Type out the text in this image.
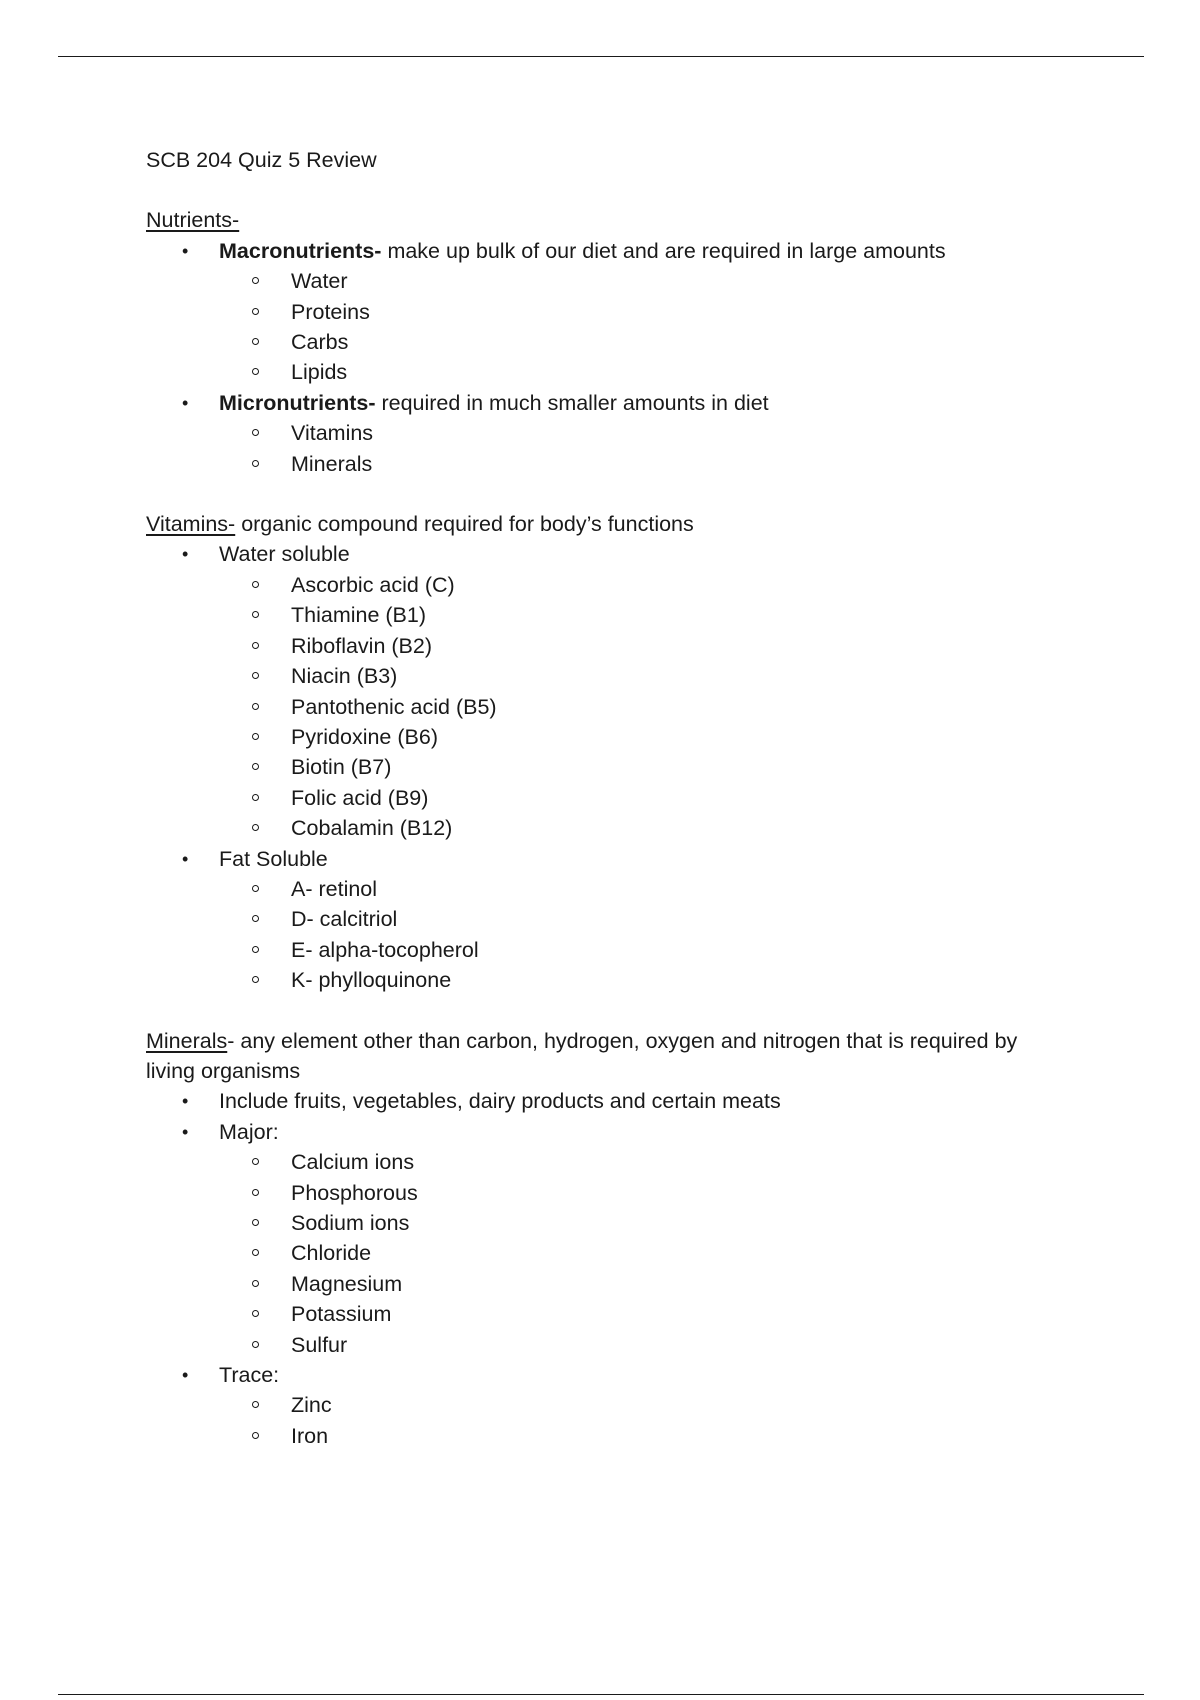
SCB 204 Quiz 5 Review
Nutrients-
• Macronutrients- make up bulk of our diet and are required in large amounts
Water
Proteins
Carbs
Lipids
• Micronutrients- required in much smaller amounts in diet
Vitamins
Minerals
Vitamins- organic compound required for body’s functions
• Water soluble
Ascorbic acid (C)
Thiamine (B1)
Riboflavin (B2)
Niacin (B3)
Pantothenic acid (B5)
Pyridoxine (B6)
Biotin (B7)
Folic acid (B9)
Cobalamin (B12)
• Fat Soluble
A- retinol
D- calcitriol
E- alpha-tocopherol
K- phylloquinone
Minerals- any element other than carbon, hydrogen, oxygen and nitrogen that is required by living organisms
• Include fruits, vegetables, dairy products and certain meats
• Major:
Calcium ions
Phosphorous
Sodium ions
Chloride
Magnesium
Potassium
Sulfur
• Trace:
Zinc
Iron
